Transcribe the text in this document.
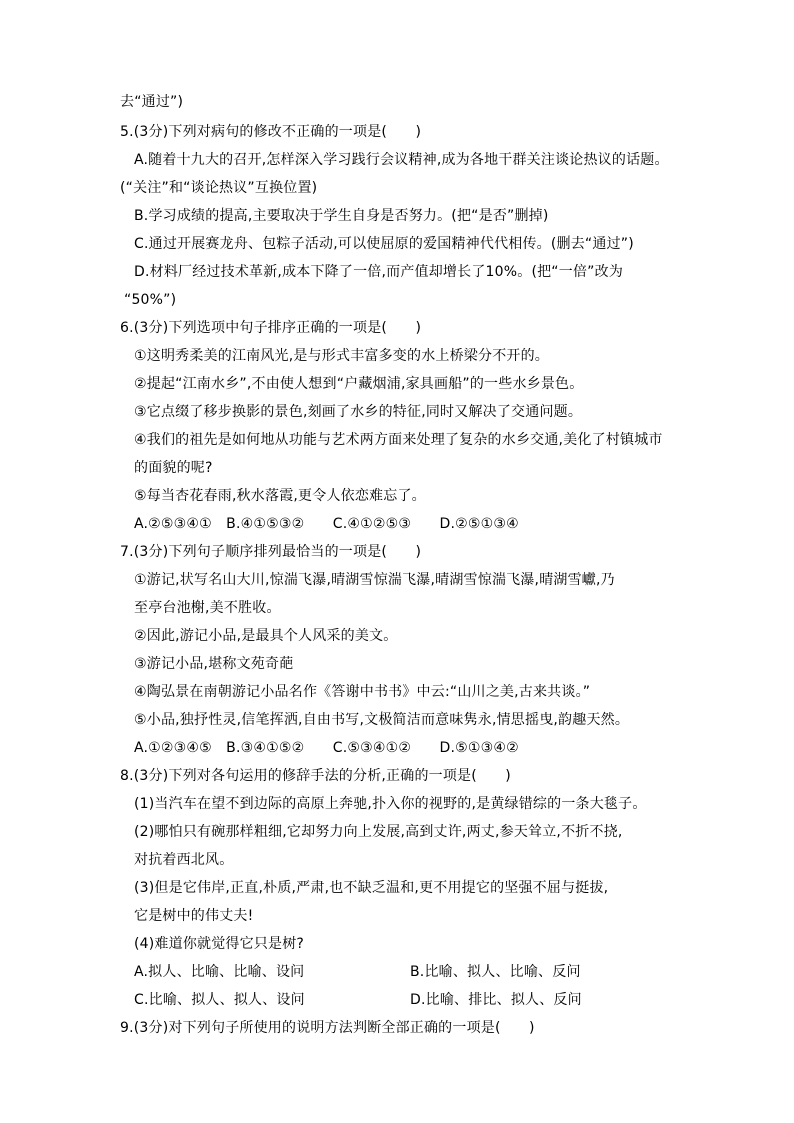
去“通过”)
5.(3分)下列对病句的修改不正确的一项是(　　)
A.随着十九大的召开,怎样深入学习践行会议精神,成为各地干群关注谈论热议的话题。
(“关注”和“谈论热议”互换位置)
B.学习成绩的提高,主要取决于学生自身是否努力。(把“是否”删掉)
C.通过开展赛龙舟、包粽子活动,可以使屈原的爱国精神代代相传。(删去“通过”)
D.材料厂经过技术革新,成本下降了一倍,而产值却增长了10%。(把“一倍”改为
“50%”)
6.(3分)下列选项中句子排序正确的一项是(　　)
①这明秀柔美的江南风光,是与形式丰富多变的水上桥梁分不开的。
②提起“江南水乡”,不由使人想到“户藏烟浦,家具画船”的一些水乡景色。
③它点缀了移步换影的景色,刻画了水乡的特征,同时又解决了交通问题。
④我们的祖先是如何地从功能与艺术两方面来处理了复杂的水乡交通,美化了村镇城市
的面貌的呢?
⑤每当杏花春雨,秋水落霞,更令人依恋难忘了。
A.②⑤③④①　B.④①⑤③②　　C.④①②⑤③　　D.②⑤①③④
7.(3分)下列句子顺序排列最恰当的一项是(　　)
①游记,状写名山大川,惊湍飞瀑,晴湖雪惊湍飞瀑,晴湖雪惊湍飞瀑,晴湖雪巘,乃
至亭台池榭,美不胜收。
②因此,游记小品,是最具个人风采的美文。
③游记小品,堪称文苑奇葩
④陶弘景在南朝游记小品名作《答谢中书书》中云:“山川之美,古来共谈。”
⑤小品,独抒性灵,信笔挥洒,自由书写,文极简洁而意味隽永,情思摇曳,韵趣天然。
A.①②③④⑤　B.③④①⑤②　　C.⑤③④①②　　D.⑤①③④②
8.(3分)下列对各句运用的修辞手法的分析,正确的一项是(　　)
(1)当汽车在望不到边际的高原上奔驰,扑入你的视野的,是黄绿错综的一条大毯子。
(2)哪怕只有碗那样粗细,它却努力向上发展,高到丈许,两丈,参天耸立,不折不挠,
对抗着西北风。
(3)但是它伟岸,正直,朴质,严肃,也不缺乏温和,更不用提它的坚强不屈与挺拔,
它是树中的伟丈夫!
(4)难道你就觉得它只是树?
A.拟人、比喻、比喻、设问	B.比喻、拟人、比喻、反问
C.比喻、拟人、拟人、设问	D.比喻、排比、拟人、反问
9.(3分)对下列句子所使用的说明方法判断全部正确的一项是(　　)
